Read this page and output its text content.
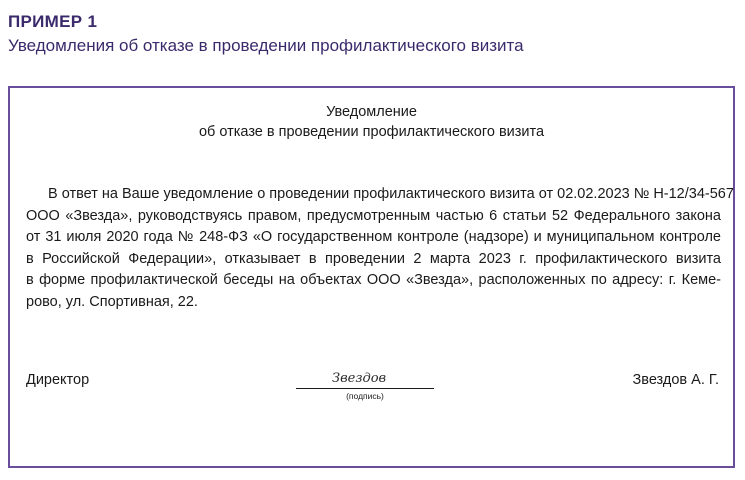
ПРИМЕР 1
Уведомления об отказе в проведении профилактического визита
Уведомление
об отказе в проведении профилактического визита
В ответ на Ваше уведомление о проведении профилактического визита от 02.02.2023 № Н-12/34-567
ООО «Звезда», руководствуясь правом, предусмотренным частью 6 статьи 52 Федерального закона
от 31 июля 2020 года № 248-ФЗ «О государственном контроле (надзоре) и муниципальном контроле
в Российской Федерации», отказывает в проведении 2 марта 2023 г. профилактического визита
в форме профилактической беседы на объектах ООО «Звезда», расположенных по адресу: г. Кеме-
рово, ул. Спортивная, 22.
Директор	Звездов
(подпись)
Звездов А. Г.
